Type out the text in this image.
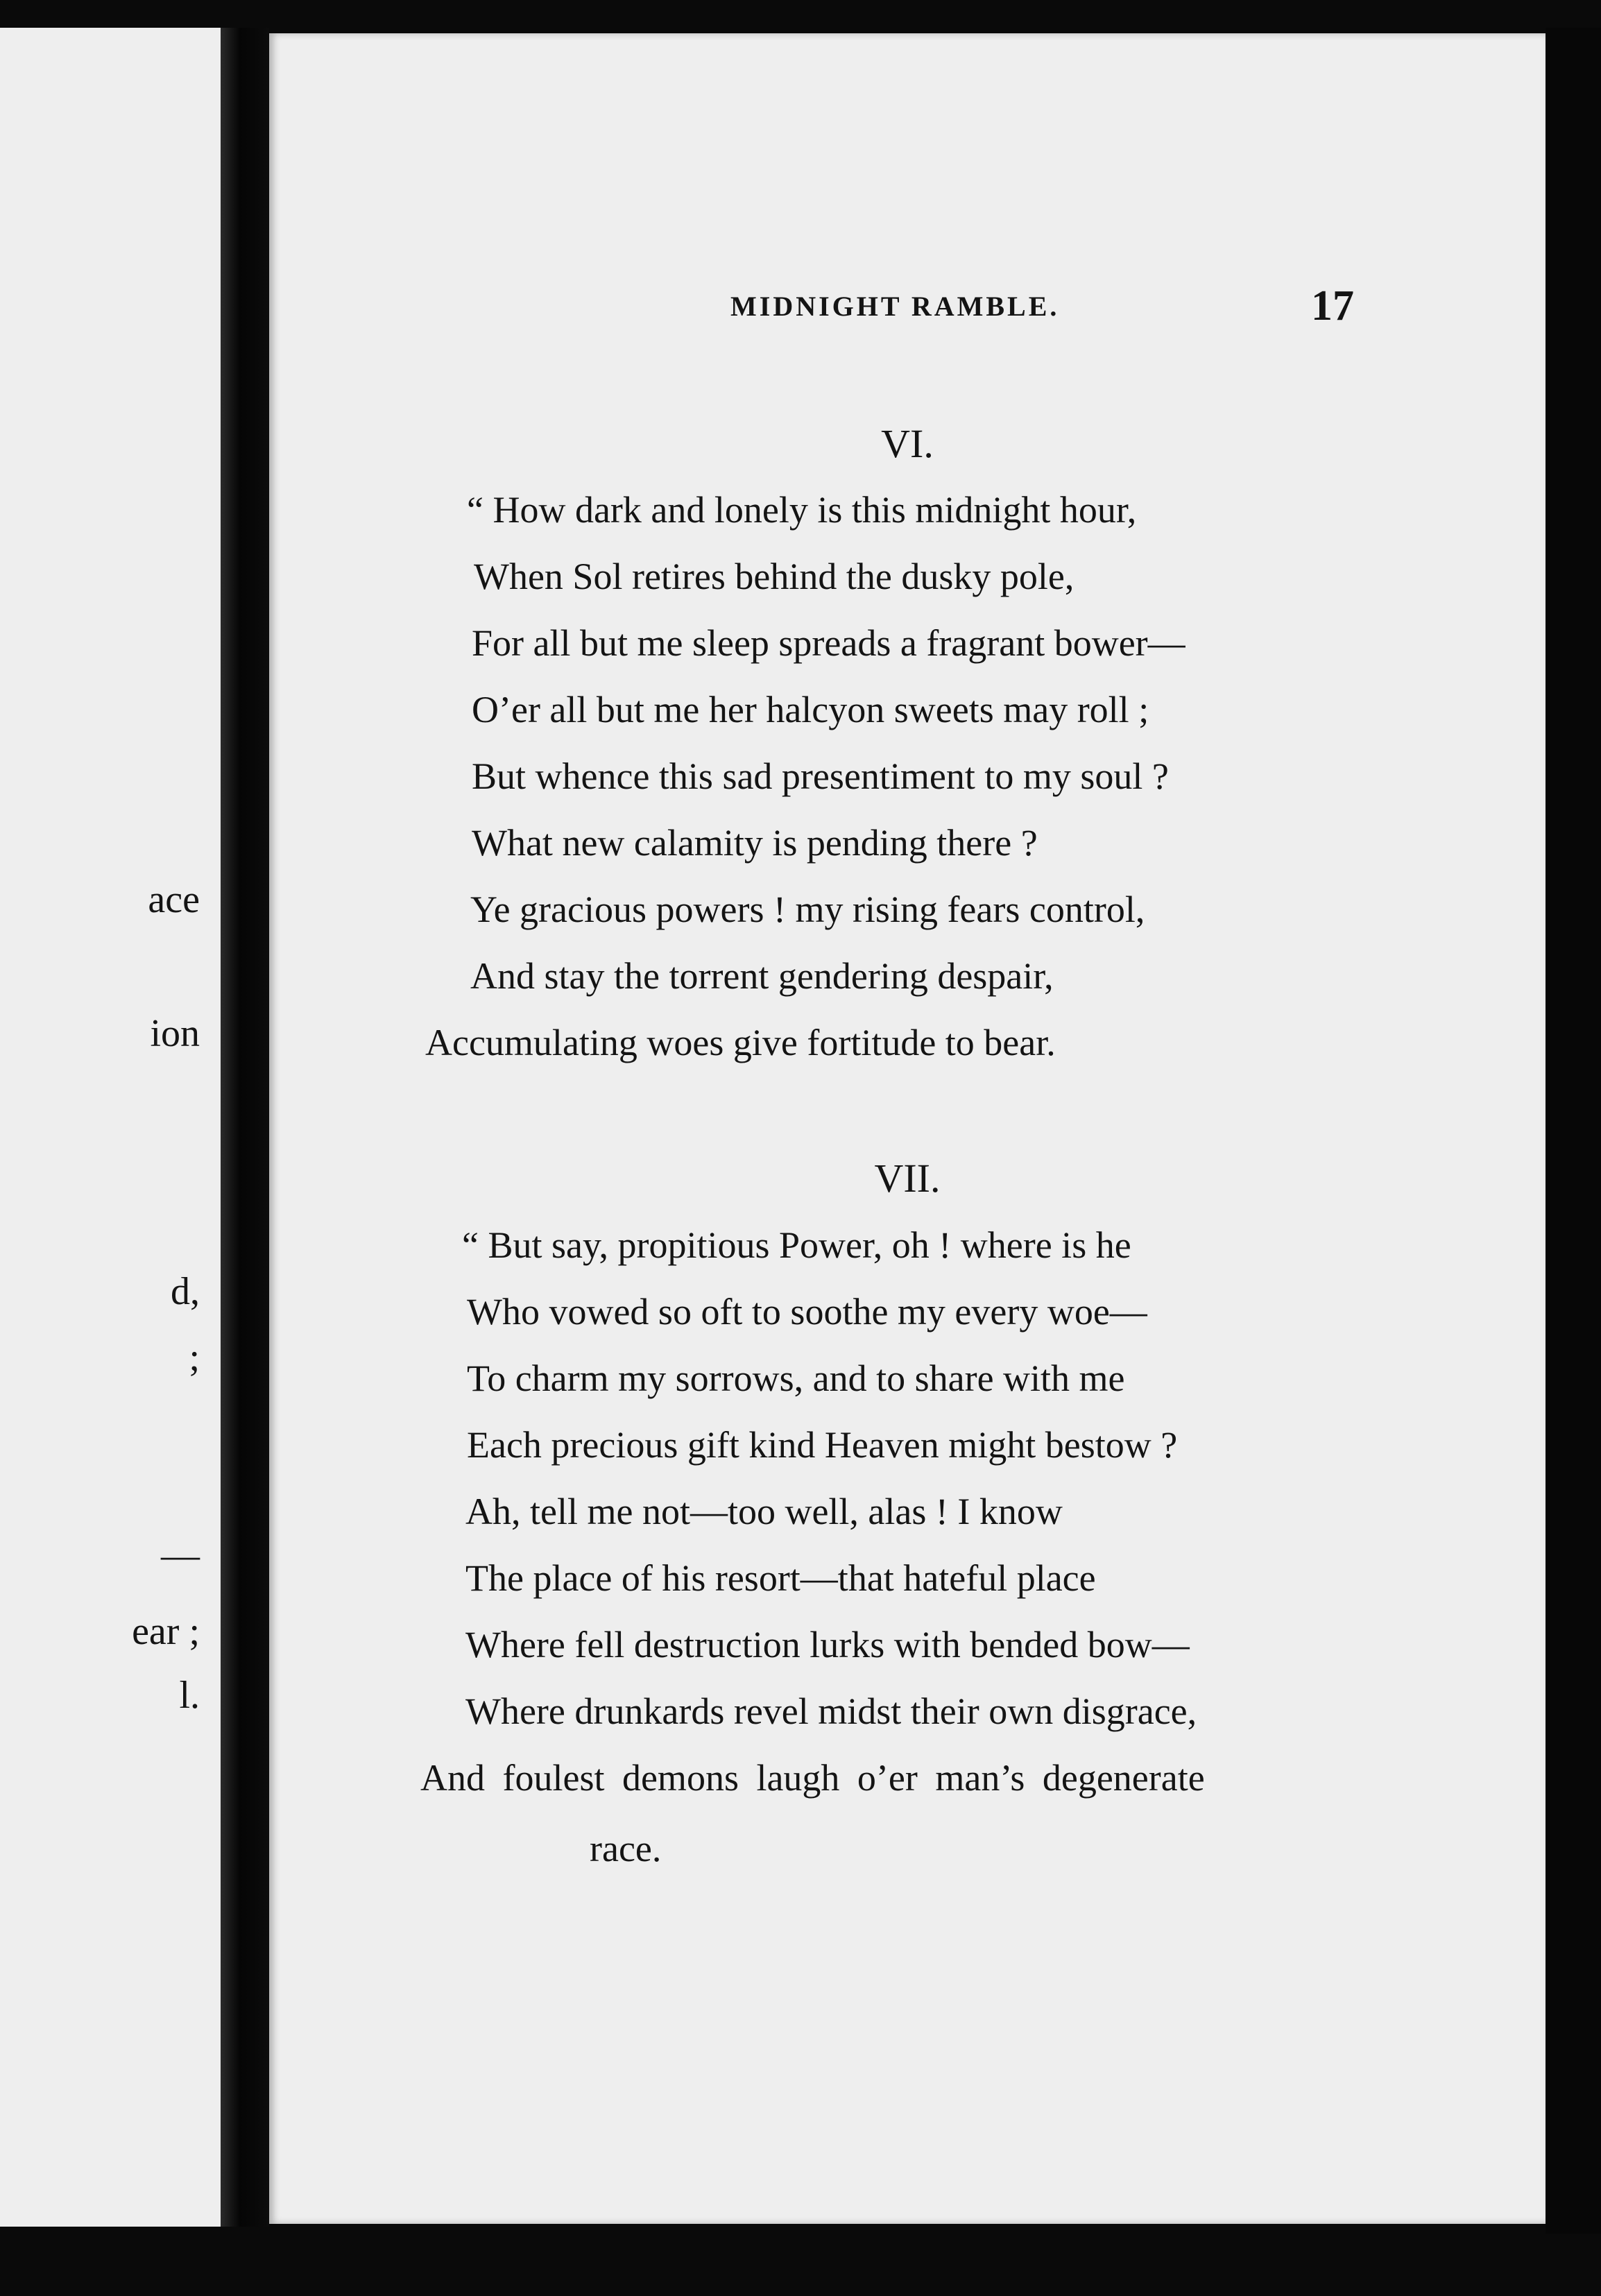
ace
ion
d,
;
—
ear ;
l.
MIDNIGHT RAMBLE.	17
VI.
“ How dark and lonely is this midnight hour,
When Sol retires behind the dusky pole,
For all but me sleep spreads a fragrant bower—
O’er all but me her halcyon sweets may roll ;
But whence this sad presentiment to my soul ?
What new calamity is pending there ?
Ye gracious powers ! my rising fears control,
And stay the torrent gendering despair,
Accumulating woes give fortitude to bear.
VII.
“ But say, propitious Power, oh ! where is he
Who vowed so oft to soothe my every woe—
To charm my sorrows, and to share with me
Each precious gift kind Heaven might bestow ?
Ah, tell me not—too well, alas ! I know
The place of his resort—that hateful place
Where fell destruction lurks with bended bow—
Where drunkards revel midst their own disgrace,
And foulest demons laugh o’er man’s degenerate
race.
